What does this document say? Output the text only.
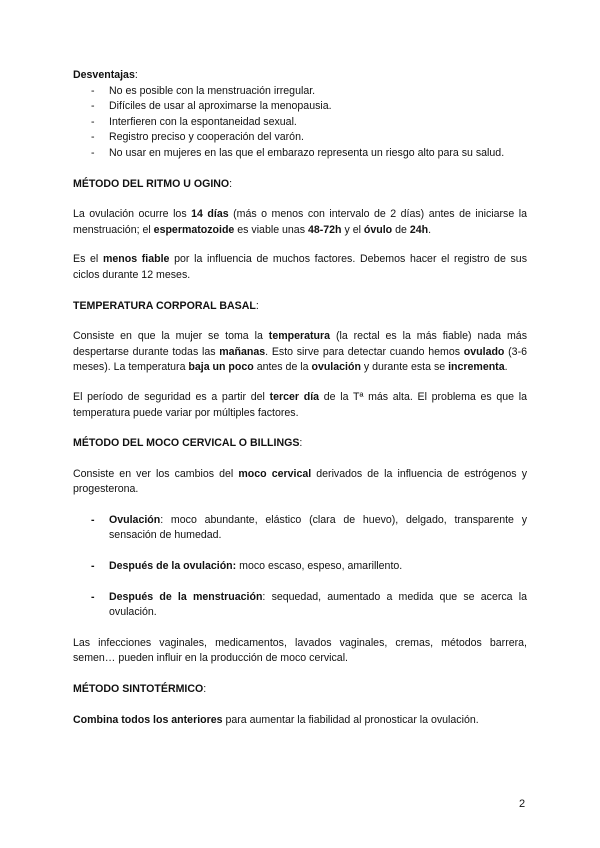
Desventajas:

- No es posible con la menstruación irregular.
- Difíciles de usar al aproximarse la menopausia.
- Interfieren con la espontaneidad sexual.
- Registro preciso y cooperación del varón.
- No usar en mujeres en las que el embarazo representa un riesgo alto para su salud.

MÉTODO DEL RITMO U OGINO:

La ovulación ocurre los 14 días (más o menos con intervalo de 2 días) antes de iniciarse la menstruación; el espermatozoide es viable unas 48-72h y el óvulo de 24h.

Es el menos fiable por la influencia de muchos factores. Debemos hacer el registro de sus ciclos durante 12 meses.

TEMPERATURA CORPORAL BASAL:

Consiste en que la mujer se toma la temperatura (la rectal es la más fiable) nada más despertarse durante todas las mañanas. Esto sirve para detectar cuando hemos ovulado (3-6 meses). La temperatura baja un poco antes de la ovulación y durante esta se incrementa.

El período de seguridad es a partir del tercer día de la Tª más alta. El problema es que la temperatura puede variar por múltiples factores.

MÉTODO DEL MOCO CERVICAL O BILLINGS:

Consiste en ver los cambios del moco cervical derivados de la influencia de estrógenos y progesterona.

- Ovulación: moco abundante, elástico (clara de huevo), delgado, transparente y sensación de humedad.
- Después de la ovulación: moco escaso, espeso, amarillento.
- Después de la menstruación: sequedad, aumentado a medida que se acerca la ovulación.

Las infecciones vaginales, medicamentos, lavados vaginales, cremas, métodos barrera, semen… pueden influir en la producción de moco cervical.

MÉTODO SINTOTÉRMICO:

Combina todos los anteriores para aumentar la fiabilidad al pronosticar la ovulación.

2
